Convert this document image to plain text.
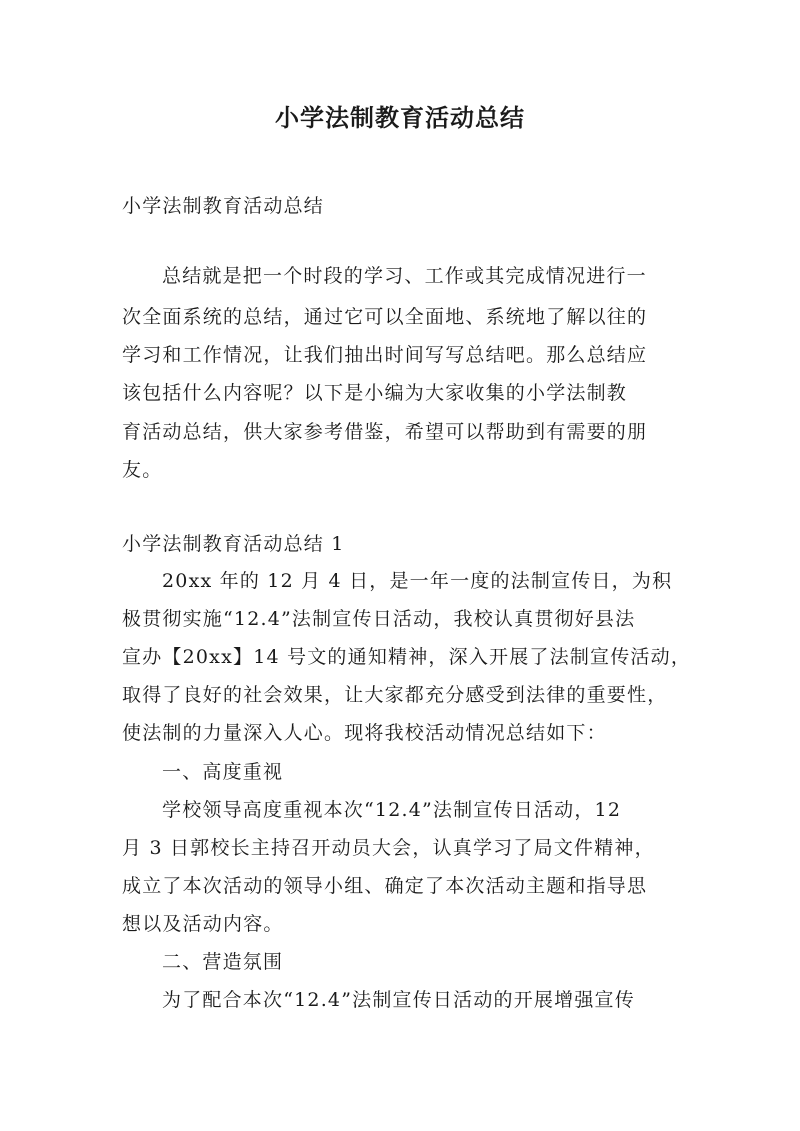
小学法制教育活动总结
小学法制教育活动总结
总结就是把一个时段的学习、工作或其完成情况进行一
次全面系统的总结，通过它可以全面地、系统地了解以往的
学习和工作情况，让我们抽出时间写写总结吧。那么总结应
该包括什么内容呢？以下是小编为大家收集的小学法制教
育活动总结，供大家参考借鉴，希望可以帮助到有需要的朋
友。
小学法制教育活动总结 1
20xx 年的 12 月 4 日，是一年一度的法制宣传日，为积
极贯彻实施“12.4”法制宣传日活动，我校认真贯彻好县法
宣办【20xx】14 号文的通知精神，深入开展了法制宣传活动，
取得了良好的社会效果，让大家都充分感受到法律的重要性，
使法制的力量深入人心。现将我校活动情况总结如下：
一、高度重视
学校领导高度重视本次“12.4”法制宣传日活动，12
月 3 日郭校长主持召开动员大会，认真学习了局文件精神，
成立了本次活动的领导小组、确定了本次活动主题和指导思
想以及活动内容。
二、营造氛围
为了配合本次“12.4”法制宣传日活动的开展增强宣传
